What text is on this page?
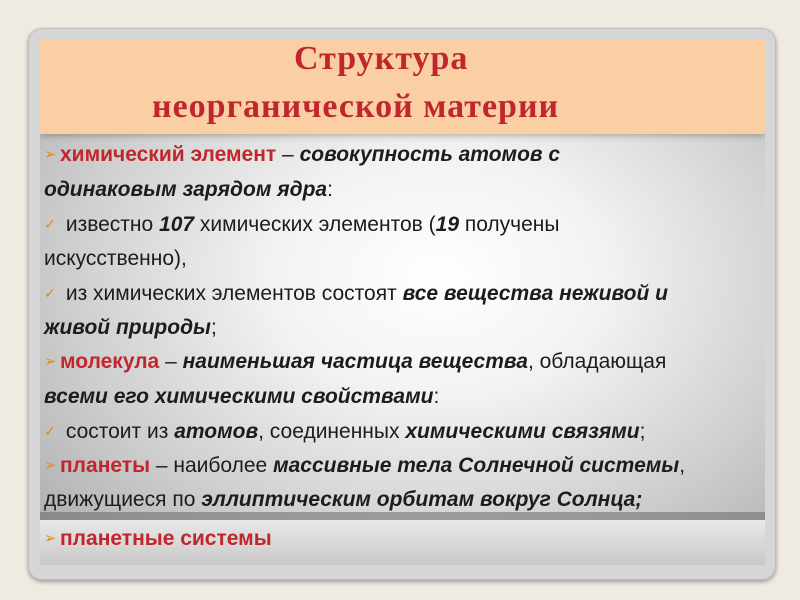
Структура
неорганической материи
➢ химический элемент – совокупность атомов с
одинаковым зарядом ядра:
✓ известно 107 химических элементов (19 получены
искусственно),
✓ из химических элементов состоят все вещества неживой и
живой природы;
➢ молекула – наименьшая частица вещества, обладающая
всеми его химическими свойствами:
✓ состоит из атомов, соединенных химическими связями;
➢ планеты – наиболее массивные тела Солнечной системы,
движущиеся по эллиптическим орбитам вокруг Солнца;
➢ планетные системы
